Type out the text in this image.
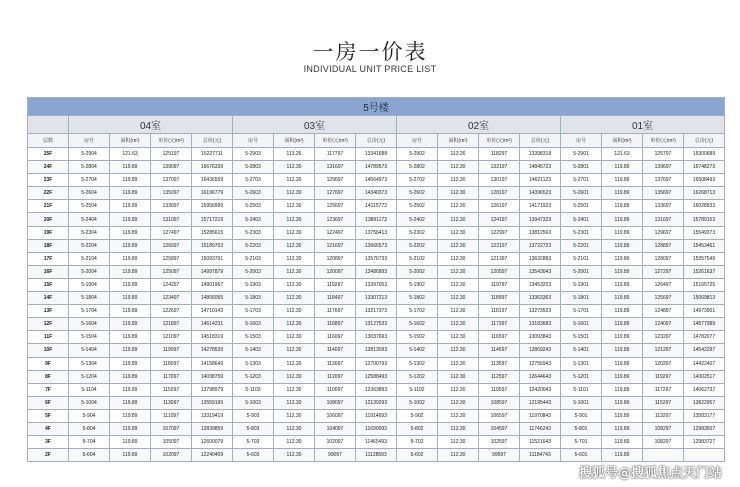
一房一价表
INDIVIDUAL UNIT PRICE LIST
5号楼																
	04室				03室				02室				01室			
层数	房号	面积(m²)	单价(元/m²)	总价(元)	房号	面积(m²)	单价(元/m²)	总价(元)	房号	面积(m²)	单价(元/m²)	总价(元)	房号	面积(m²)	单价(元/m²)	总价(元)
25F	5-2904	121.63	125197	15227711	5-2903	113.26	117797	13341688	5-2902	113.26	118297	13398318	5-2901	121.63	125797	15300689
24F	5-2804	119.89	139097	16676339	5-2803	112.30	131697	14789573	5-2802	112.30	132197	14845723	5-2801	119.89	139697	16748273
23F	5-2704	119.89	137097	16436559	5-2703	112.30	129697	14564973	5-2702	112.30	130197	14621123	5-2701	119.89	137697	16508493
22F	5-2604	119.89	135097	16196779	5-2603	112.30	127697	14340373	5-2602	112.30	128197	14396523	5-2601	119.89	135697	16268713
21F	5-2504	119.89	133097	15956999	5-2503	112.30	125697	14115773	5-2502	112.30	126197	14171923	5-2501	119.89	133697	16028933
20F	5-2404	119.89	131097	15717219	5-2403	112.30	123697	13891173	5-2402	112.30	124197	13947323	5-2401	119.89	131697	15789153
19F	5-2304	119.89	127497	15285615	5-2303	112.30	122497	13756413	5-2302	112.30	122997	13812563	5-2301	119.89	129697	15549373
18F	5-2204	119.89	126697	15189703	5-2203	112.30	121697	13666573	5-2202	112.30	122197	13722723	5-2201	119.89	128897	15453461
17F	5-2104	119.89	125897	15093791	5-2103	112.30	120897	13576733	5-2102	112.30	121397	13632883	5-2101	119.89	128097	15357549
16F	5-2004	119.89	125097	14997879	5-2003	112.30	120097	13486893	5-2002	112.30	120597	13543043	5-2001	119.89	127297	15261637
15F	5-1904	119.89	124297	14901967	5-1903	112.30	119297	13397053	5-1902	112.30	119797	13453203	5-1901	119.89	126497	15165725
14F	5-1804	119.89	123497	14806055	5-1803	112.30	118497	13307213	5-1802	112.30	118997	13363363	5-1801	119.89	125697	15069813
13F	5-1704	119.89	122697	14710143	5-1703	112.30	117697	13217373	5-1702	112.30	118197	13273523	5-1701	119.89	124897	14973901
12F	5-1604	119.89	121897	14614231	5-1603	112.30	116897	13127533	5-1602	112.30	117397	13183683	5-1601	119.89	124097	14877989
11F	5-1504	119.89	121097	14518319	5-1503	112.30	116097	13037693	5-1502	112.30	116597	13093843	5-1501	119.89	123297	14782077
10F	5-1404	119.89	119097	14278539	5-1403	112.30	114097	12813093	5-1402	112.30	114597	12869243	5-1401	119.89	121297	14542297
9F	5-1304	119.89	118097	14158649	5-1303	112.30	113097	12700793	5-1302	112.30	113597	12756943	5-1301	119.89	120297	14422407
8F	5-1204	119.89	117097	14038759	5-1203	112.30	112097	12588493	5-1202	112.30	112597	12644643	5-1201	119.89	119297	14302517
7F	5-1104	119.89	115097	13798979	5-1103	112.30	110097	12363893	5-1102	112.30	110597	12420043	5-1101	119.89	117297	14062737
6F	5-1004	119.89	113097	13559199	5-1003	112.30	108097	12139293	5-1002	112.30	108597	12195443	5-1001	119.89	115297	13822957
5F	5-904	119.89	111097	13319419	5-903	112.30	106097	11914693	5-902	112.30	106597	11970843	5-901	119.89	113297	13583177
4F	5-804	119.89	107097	12839859	5-803	112.30	104097	11690093	5-802	112.30	104597	11746243	5-801	119.89	108297	12983507
3F	5-704	119.89	105097	12600079	5-703	112.30	102097	11465493	5-702	112.30	102597	11521643	5-701	119.89	108297	12983727
2F	5-604	119.89	102097	12240409	5-603	112.30	99097	11128593	5-602	112.30	99597	11184743	5-601	119.89		
搜狐号@搜狐焦点天门站
